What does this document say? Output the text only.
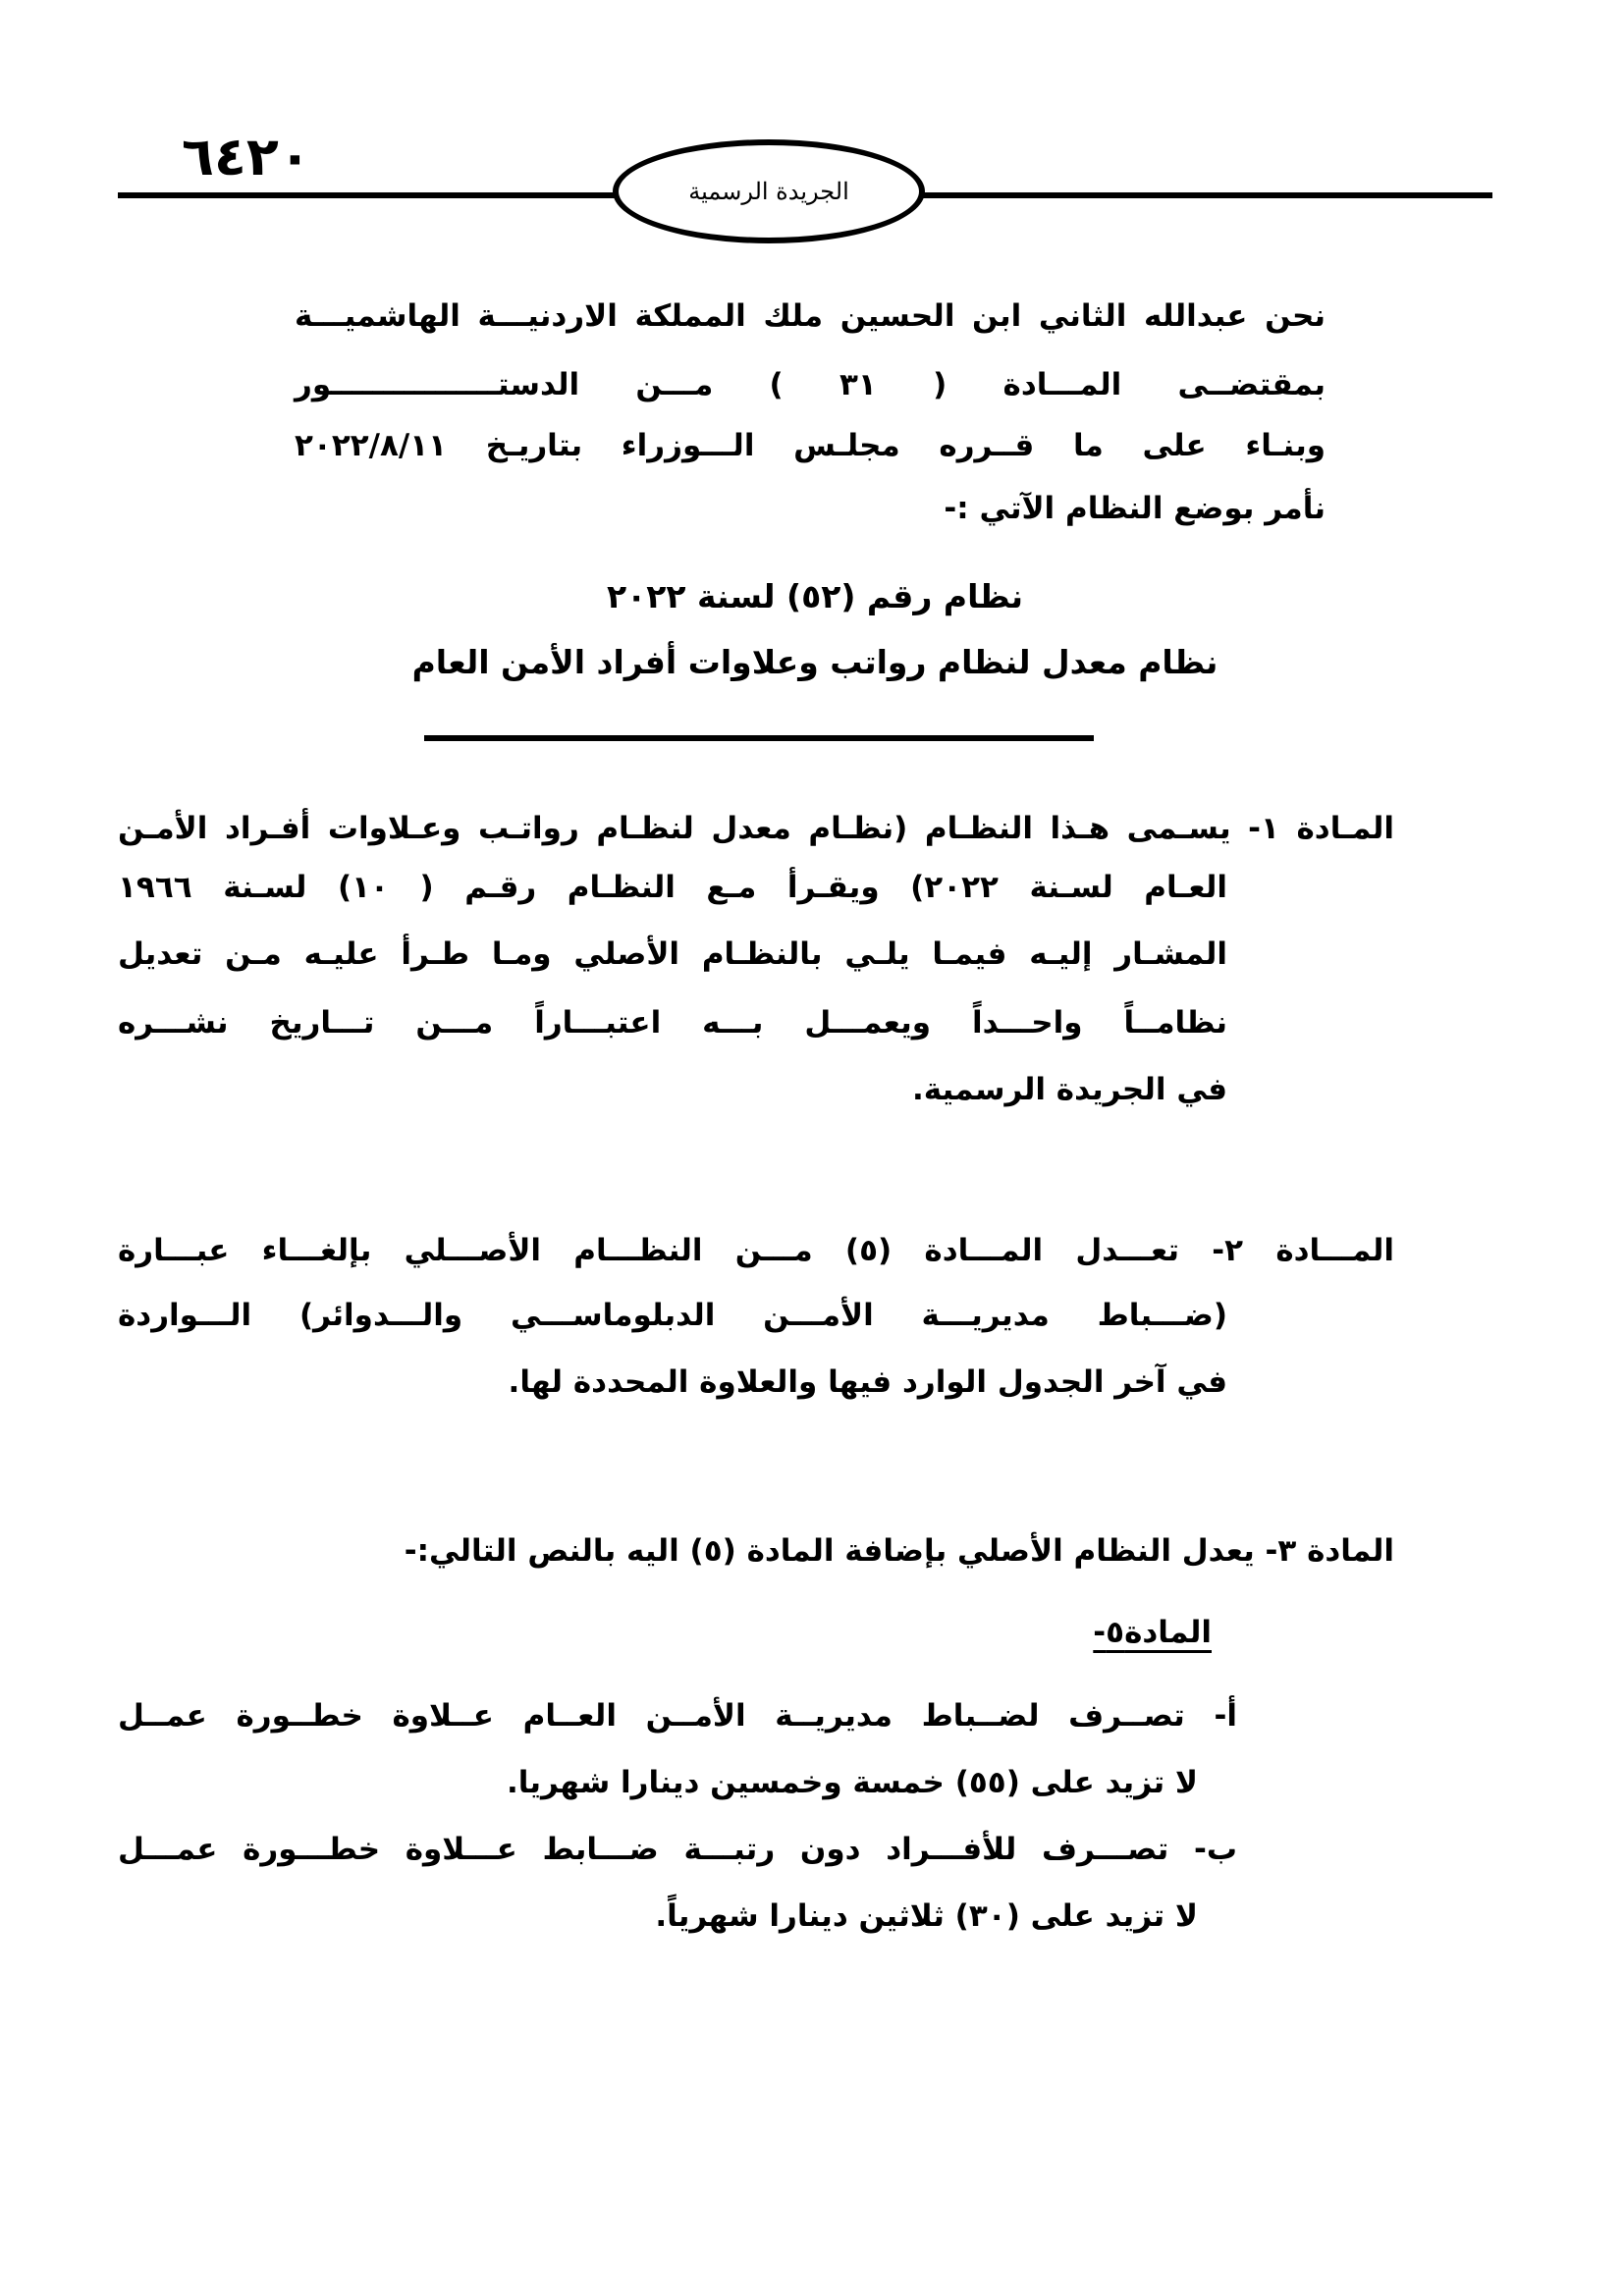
٦٤٢٠
الجريدة الرسمية
نحن عبدالله الثاني ابن الحسين ملك المملكة الاردنيـــة الهاشميـــة
بمقتضــى المـــادة ( ٣١ ) مـــن الدستــــــــــــــــور
وبنـاء على ما قــرره مجلـس الـــوزراء بتاريـخ ٢٠٢٢/٨/١١
نأمر بوضع النظام الآتي :-
نظام رقم (٥٢) لسنة ٢٠٢٢
نظام معدل لنظام رواتب وعلاوات أفراد الأمن العام
المـادة ١- يسـمى هـذا النظـام (نظـام معدل لنظـام رواتـب وعـلاوات أفـراد الأمـن
العـام لسـنة ٢٠٢٢) ويقـرأ مـع النظـام رقـم ( ١٠) لسـنة ١٩٦٦
المشـار إليـه فيمـا يلـي بالنظـام الأصلي ومـا طـرأ عليـه مـن تعديل
نظامــاً واحـــداً ويعمـــل بـــه اعتبـــاراً مـــن تـــاريخ نشـــره
في الجريدة الرسمية.
المـــادة ٢- تعـــدل المـــادة (٥) مـــن النظـــام الأصـــلي بإلغـــاء عبـــارة
(ضـــباط مديريـــة الأمـــن الدبلوماســـي والـــدوائر) الـــواردة
في آخر الجدول الوارد فيها والعلاوة المحددة لها.
المادة ٣- يعدل النظام الأصلي بإضافة المادة (٥) اليه بالنص التالي:-
المادة٥-
أ- تصــرف لضــباط مديريــة الأمــن العــام عــلاوة خطــورة عمــل
لا تزيد على (٥٥) خمسة وخمسين دينارا شهريا.
ب- تصـــرف للأفـــراد دون رتبـــة ضـــابط عـــلاوة خطـــورة عمـــل
لا تزيد على (٣٠) ثلاثين دينارا شهرياً.
